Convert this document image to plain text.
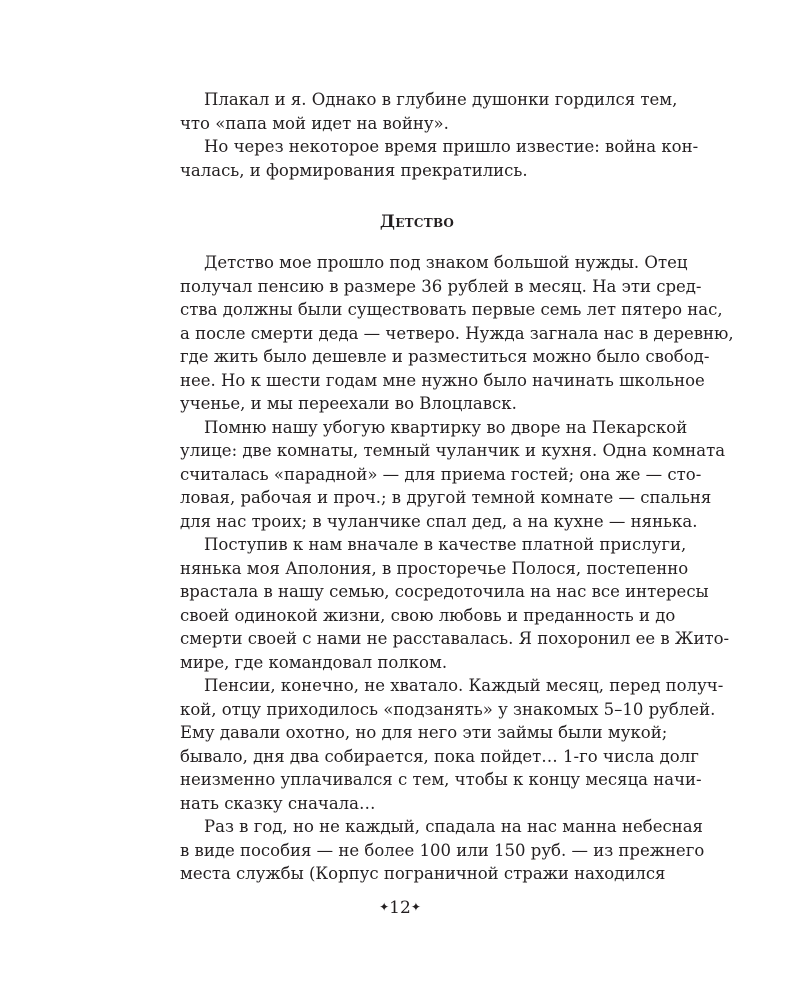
Плакал и я. Однако в глубине душонки гордился тем,
что «папа мой идет на войну».
Но через некоторое время пришло известие: война кон-
чалась, и формирования прекратились.
Детство
Детство мое прошло под знаком большой нужды. Отец
получал пенсию в размере 36 рублей в месяц. На эти сред-
ства должны были существовать первые семь лет пятеро нас,
а после смерти деда — четверо. Нужда загнала нас в деревню,
где жить было дешевле и разместиться можно было свобод-
нее. Но к шести годам мне нужно было начинать школьное
ученье, и мы переехали во Влоцлавск.
Помню нашу убогую квартирку во дворе на Пекарской
улице: две комнаты, темный чуланчик и кухня. Одна комната
считалась «парадной» — для приема гостей; она же — сто-
ловая, рабочая и проч.; в другой темной комнате — спальня
для нас троих; в чуланчике спал дед, а на кухне — нянька.
Поступив к нам вначале в качестве платной прислуги,
нянька моя Аполония, в просторечье Полося, постепенно
врастала в нашу семью, сосредоточила на нас все интересы
своей одинокой жизни, свою любовь и преданность и до
смерти своей с нами не расставалась. Я похоронил ее в Жито-
мире, где командовал полком.
Пенсии, конечно, не хватало. Каждый месяц, перед получ-
кой, отцу приходилось «подзанять» у знакомых 5–10 рублей.
Ему давали охотно, но для него эти займы были мукой;
бывало, дня два собирается, пока пойдет… 1-го числа долг
неизменно уплачивался с тем, чтобы к концу месяца начи-
нать сказку сначала…
Раз в год, но не каждый, спадала на нас манна небесная
в виде пособия — не более 100 или 150 руб. — из прежнего
места службы (Корпус пограничной стражи находился
✦12✦
